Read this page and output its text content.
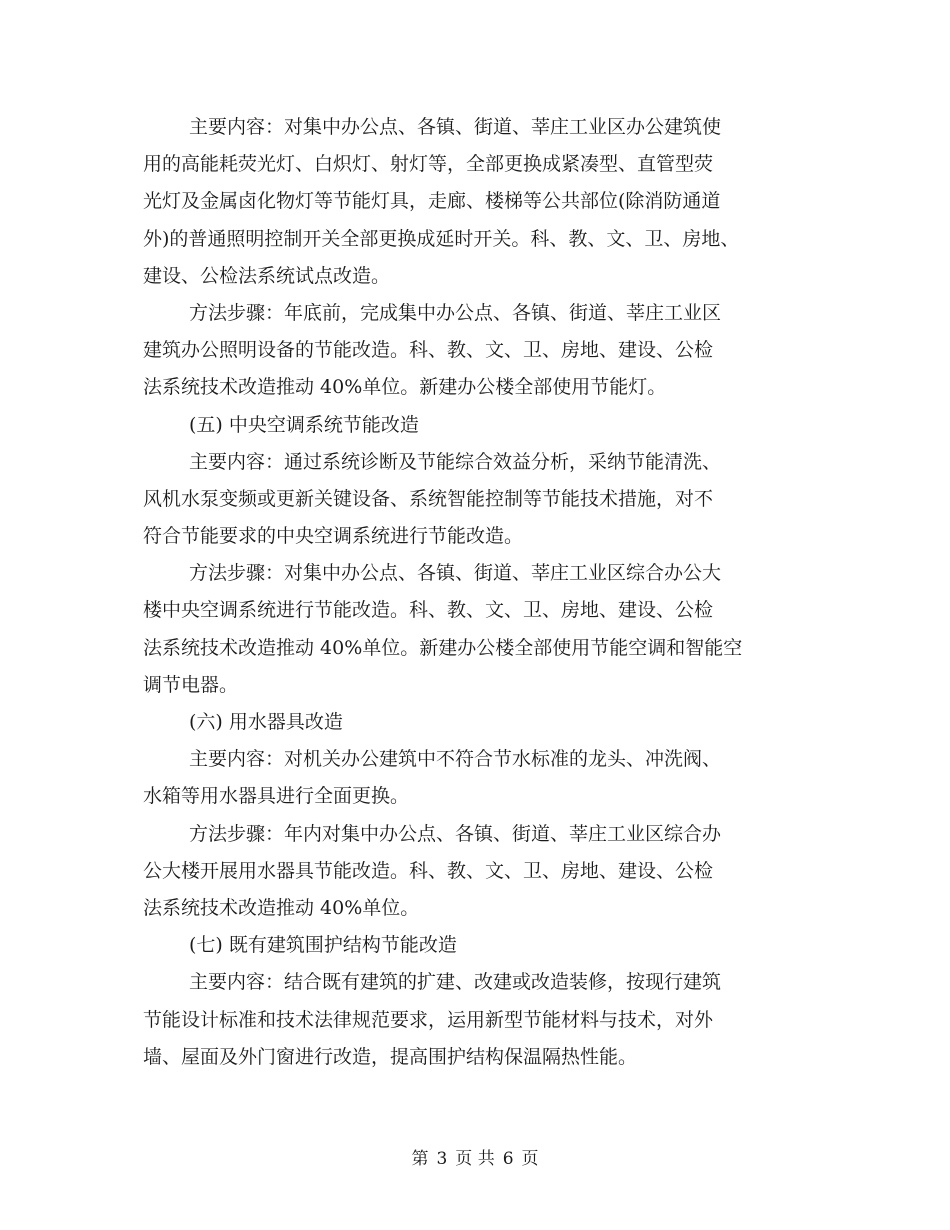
主要内容：对集中办公点、各镇、街道、莘庄工业区办公建筑使
用的高能耗荧光灯、白炽灯、射灯等，全部更换成紧凑型、直管型荧
光灯及金属卤化物灯等节能灯具，走廊、楼梯等公共部位(除消防通道
外)的普通照明控制开关全部更换成延时开关。科、教、文、卫、房地、
建设、公检法系统试点改造。
方法步骤：年底前，完成集中办公点、各镇、街道、莘庄工业区
建筑办公照明设备的节能改造。科、教、文、卫、房地、建设、公检
法系统技术改造推动 40%单位。新建办公楼全部使用节能灯。
(五) 中央空调系统节能改造
主要内容：通过系统诊断及节能综合效益分析，采纳节能清洗、
风机水泵变频或更新关键设备、系统智能控制等节能技术措施，对不
符合节能要求的中央空调系统进行节能改造。
方法步骤：对集中办公点、各镇、街道、莘庄工业区综合办公大
楼中央空调系统进行节能改造。科、教、文、卫、房地、建设、公检
法系统技术改造推动 40%单位。新建办公楼全部使用节能空调和智能空
调节电器。
(六) 用水器具改造
主要内容：对机关办公建筑中不符合节水标准的龙头、冲洗阀、
水箱等用水器具进行全面更换。
方法步骤：年内对集中办公点、各镇、街道、莘庄工业区综合办
公大楼开展用水器具节能改造。科、教、文、卫、房地、建设、公检
法系统技术改造推动 40%单位。
(七) 既有建筑围护结构节能改造
主要内容：结合既有建筑的扩建、改建或改造装修，按现行建筑
节能设计标准和技术法律规范要求，运用新型节能材料与技术，对外
墙、屋面及外门窗进行改造，提高围护结构保温隔热性能。
第 3 页 共 6 页
